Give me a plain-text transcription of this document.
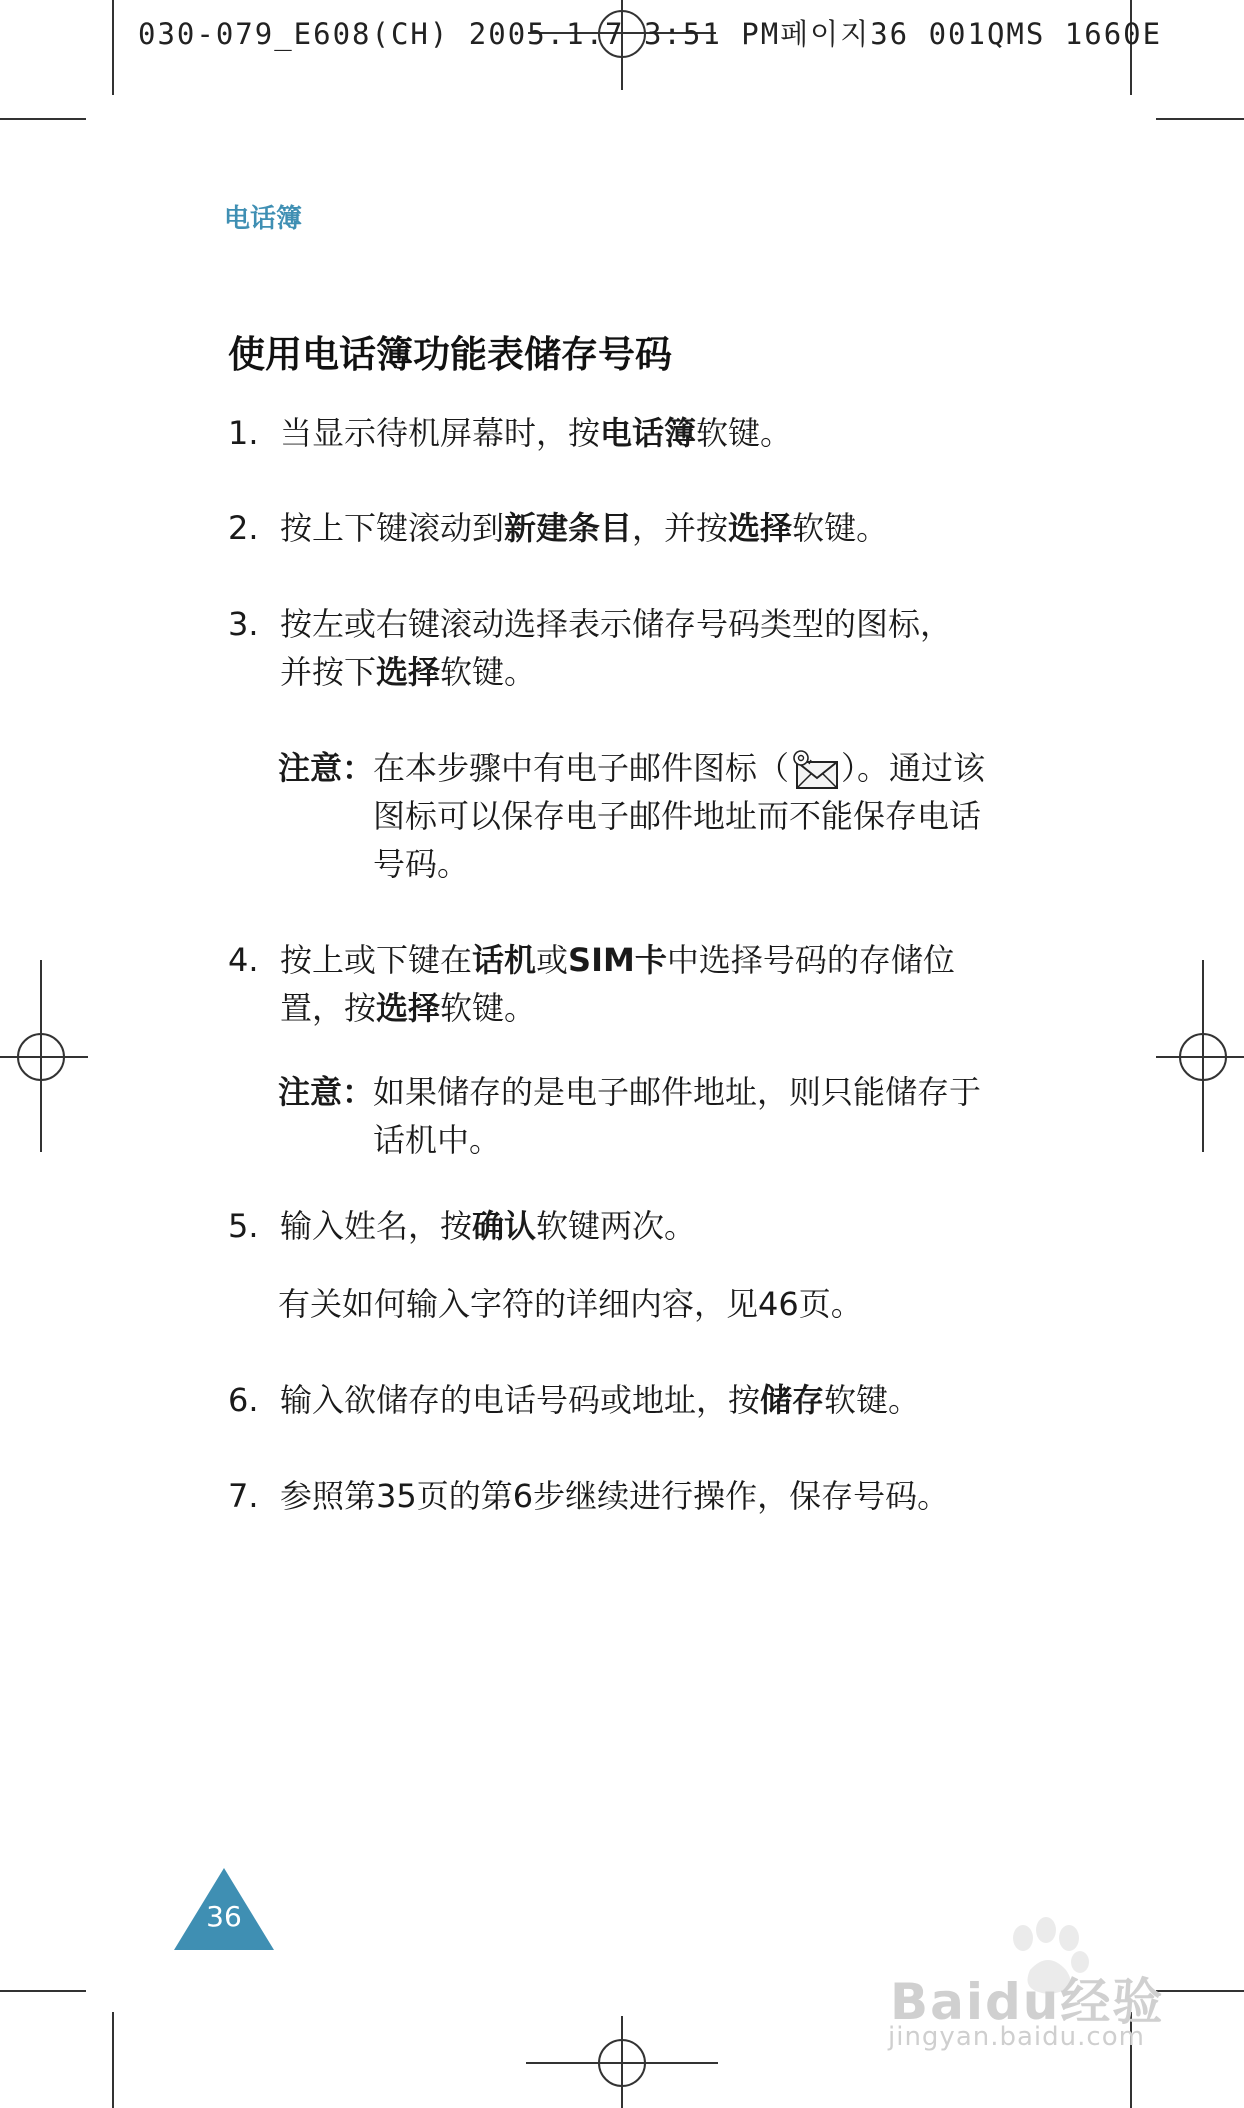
030-079_E608(CH) 2005.1.7 3:51 PM페이지36 001QMS 1660E
电话簿
使用电话簿功能表储存号码
1. 当显示待机屏幕时，按电话簿软键。
2. 按上下键滚动到新建条目，并按选择软键。
3. 按左或右键滚动选择表示储存号码类型的图标，并按下选择软键。
注意：
在本步骤中有电子邮件图标（ ）。通过该图标可以保存电子邮件地址而不能保存电话号码。
4. 按上或下键在话机或SIM卡中选择号码的存储位置，按选择软键。
注意：
如果储存的是电子邮件地址，则只能储存于话机中。
5. 输入姓名，按确认软键两次。
有关如何输入字符的详细内容，见46页。
6. 输入欲储存的电话号码或地址，按储存软键。
7. 参照第35页的第6步继续进行操作，保存号码。
36
Baidu经验
jingyan.baidu.com
